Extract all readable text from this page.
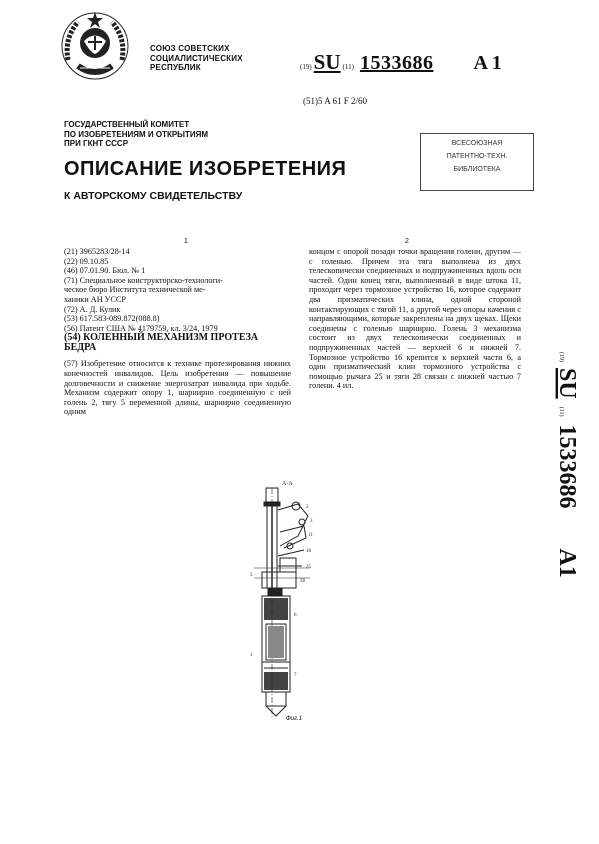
СОЮЗ СОВЕТСКИХ
СОЦИАЛИСТИЧЕСКИХ
РЕСПУБЛИК	(19)SU (11) 1533686 A 1
(51)5 A 61 F 2/60
ГОСУДАРСТВЕННЫЙ КОМИТЕТ
ПО ИЗОБРЕТЕНИЯМ И ОТКРЫТИЯМ
ПРИ ГКНТ СССР	ВСЕСОЮЗНАЯ
ПАТЕНТНО-ТЕХН.
БИБЛИОТЕКА
ОПИСАНИЕ ИЗОБРЕТЕНИЯ
К АВТОРСКОМУ СВИДЕТЕЛЬСТВУ
1	2
(21) 3965283/28-14
(22) 09.10.85
(46) 07.01.90. Бюл. № 1
(71) Специальное конструкторско-технологи-
ческое бюро Института технической ме-
ханики АН УССР
(72) А. Д. Кулик
(53) 617.583-089.872(088.8)
(56) Патент США № 4179759, кл. 3/24, 1979
(54) КОЛЕННЫЙ МЕХАНИЗМ ПРОТЕЗА
БЕДРА
(57) Изобретение относится к технике протезирования нижних конечностей инвалидов. Цель изобретения — повышение долговечности и снижение энергозатрат инвалида при ходьбе. Механизм содержит опору 1, шарнирно соединенную с ней голень 2, тягу 5 переменной длины, шарнирно соединенную одним
концом с опорой позади точки вращения голени, другим — с голенью. Причем эта тяга выполнена из двух телескопически соединенных и подпружиненных вдоль оси частей. Один конец тяги, выполненный в виде штока 11, проходит через тормозное устройство 16, которое содержит два призматических клина, одной стороной контактирующих с тягой 11, а другой через опоры качения с направляющими, которые закреплены на двух щеках. Щеки соединены с голенью шарнирно. Голень 3 механизма состоит из двух телескопически соединенных и подпружиненных частей — верхней 6 и нижней 7. Тормозное устройство 16 крепится к верхней части 6, а один призматический клин тормозного устройства с помощью рычага 25 и тяги 28 связан с нижней частью 7 голени. 4 ил.
(19) SU (11) 1533686 A1
А-А
2
3
11
16
25
5
28
6
1
7
Фиг.1
